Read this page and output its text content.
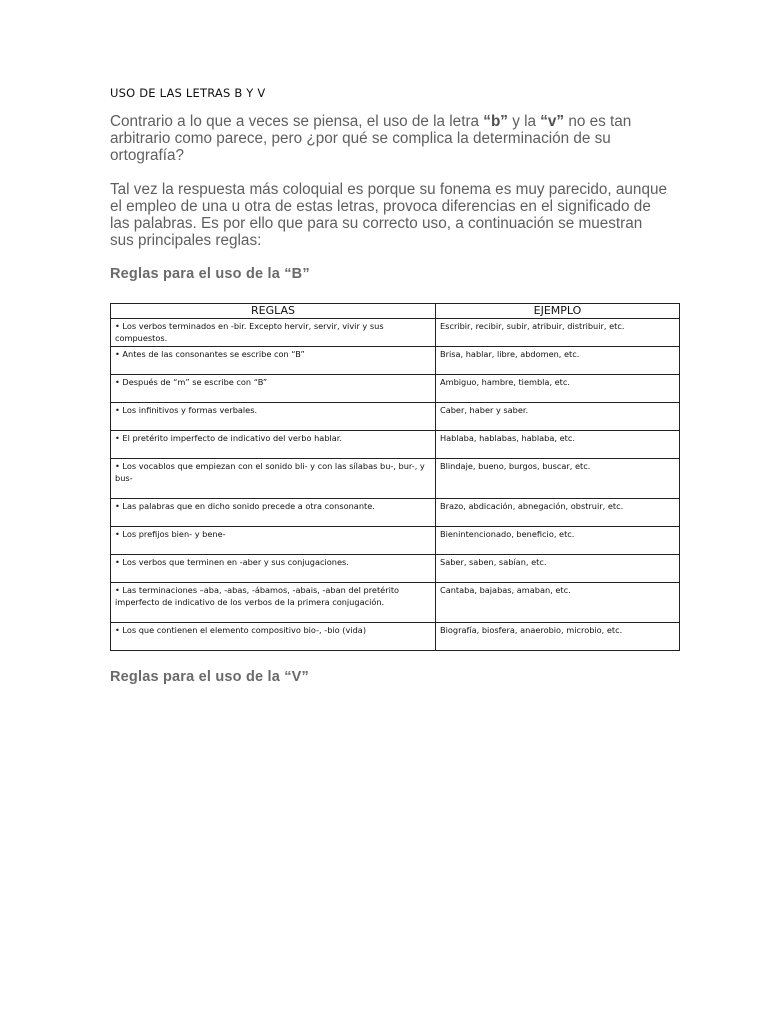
USO DE LAS LETRAS B Y V

Contrario a lo que a veces se piensa, el uso de la letra “b” y la “v” no es tan arbitrario como parece, pero ¿por qué se complica la determinación de su ortografía?

Tal vez la respuesta más coloquial es porque su fonema es muy parecido, aunque el empleo de una u otra de estas letras, provoca diferencias en el significado de las palabras. Es por ello que para su correcto uso, a continuación se muestran sus principales reglas:

Reglas para el uso de la “B”
REGLAS	EJEMPLO
• Los verbos terminados en -bir. Excepto hervir, servir, vivir y sus compuestos.	Escribir, recibir, subir, atribuir, distribuir, etc.
• Antes de las consonantes se escribe con “B”	Brisa, hablar, libre, abdomen, etc.
• Después de “m” se escribe con “B”	Ambiguo, hambre, tiembla, etc.
• Los infinitivos y formas verbales.	Caber, haber y saber.
• El pretérito imperfecto de indicativo del verbo hablar.	Hablaba, hablabas, hablaba, etc.
• Los vocablos que empiezan con el sonido bli- y con las sílabas bu-, bur-, y bus-	Blindaje, bueno, burgos, buscar, etc.
• Las palabras que en dicho sonido precede a otra consonante.	Brazo, abdicación, abnegación, obstruir, etc.
• Los prefijos bien- y bene-	Bienintencionado, beneficio, etc.
• Los verbos que terminen en -aber y sus conjugaciones.	Saber, saben, sabían, etc.
• Las terminaciones –aba, -abas, -ábamos, -abais, -aban del pretérito imperfecto de indicativo de los verbos de la primera conjugación.	Cantaba, bajabas, amaban, etc.
• Los que contienen el elemento compositivo bio-, -bio (vida)	Biografía, biosfera, anaerobio, microbio, etc.
Reglas para el uso de la “V”
